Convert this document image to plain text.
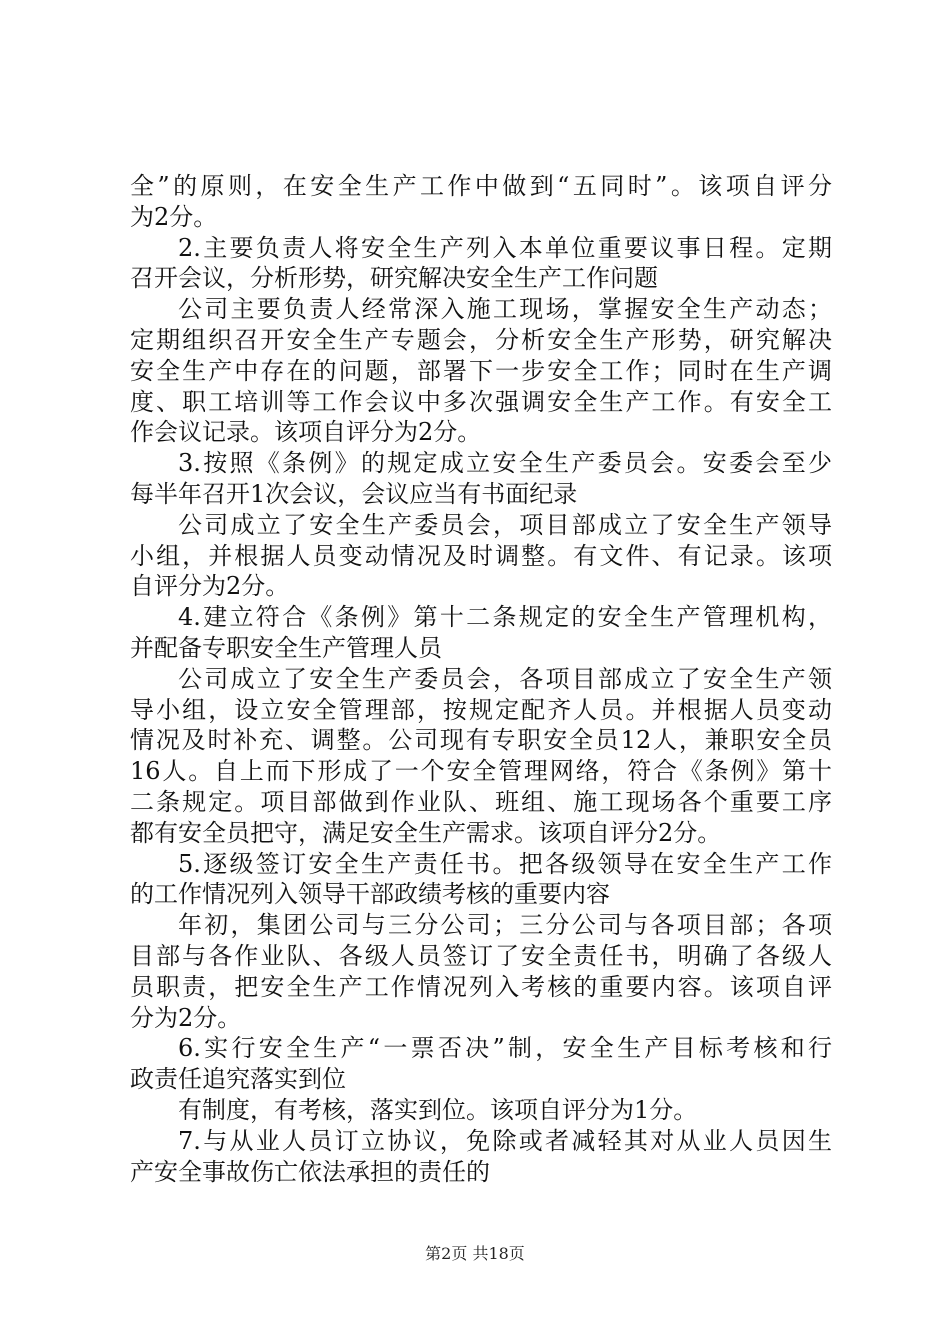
全”的原则，在安全生产工作中做到“五同时”。该项自评分
为2分。
2.主要负责人将安全生产列入本单位重要议事日程。定期
召开会议，分析形势，研究解决安全生产工作问题
公司主要负责人经常深入施工现场，掌握安全生产动态；
定期组织召开安全生产专题会，分析安全生产形势，研究解决
安全生产中存在的问题，部署下一步安全工作；同时在生产调
度、职工培训等工作会议中多次强调安全生产工作。有安全工
作会议记录。该项自评分为2分。
3.按照《条例》的规定成立安全生产委员会。安委会至少
每半年召开1次会议，会议应当有书面纪录
公司成立了安全生产委员会，项目部成立了安全生产领导
小组，并根据人员变动情况及时调整。有文件、有记录。该项
自评分为2分。
4.建立符合《条例》第十二条规定的安全生产管理机构，
并配备专职安全生产管理人员
公司成立了安全生产委员会，各项目部成立了安全生产领
导小组，设立安全管理部，按规定配齐人员。并根据人员变动
情况及时补充、调整。公司现有专职安全员12人，兼职安全员
16人。自上而下形成了一个安全管理网络，符合《条例》第十
二条规定。项目部做到作业队、班组、施工现场各个重要工序
都有安全员把守，满足安全生产需求。该项自评分2分。
5.逐级签订安全生产责任书。把各级领导在安全生产工作
的工作情况列入领导干部政绩考核的重要内容
年初，集团公司与三分公司；三分公司与各项目部；各项
目部与各作业队、各级人员签订了安全责任书，明确了各级人
员职责，把安全生产工作情况列入考核的重要内容。该项自评
分为2分。
6.实行安全生产“一票否决”制，安全生产目标考核和行
政责任追究落实到位
有制度，有考核，落实到位。该项自评分为1分。
7.与从业人员订立协议，免除或者减轻其对从业人员因生
产安全事故伤亡依法承担的责任的
第2页 共18页
